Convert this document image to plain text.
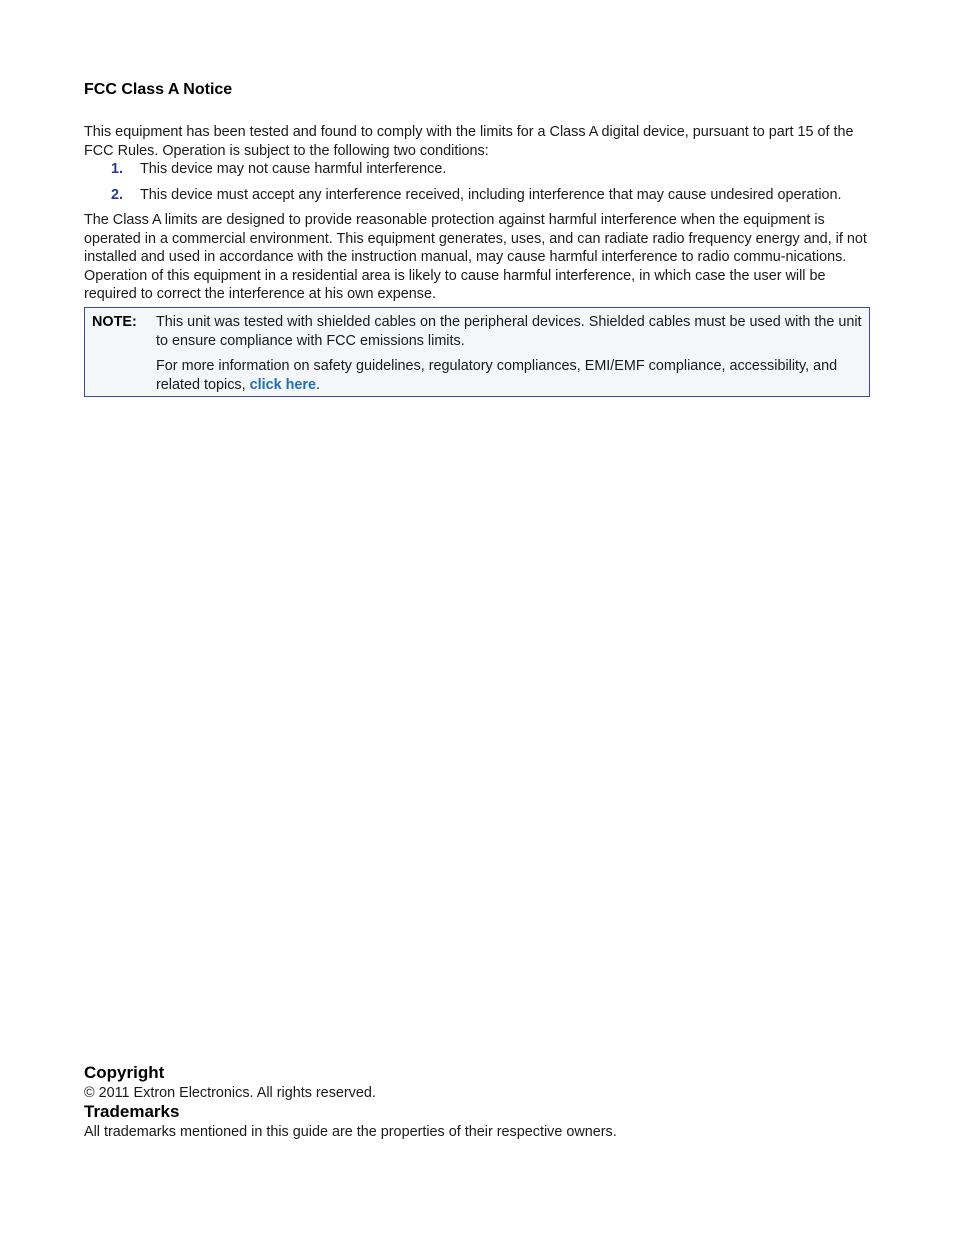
FCC Class A Notice

This equipment has been tested and found to comply with the limits for a Class A digital device, pursuant to part 15 of the FCC Rules. Operation is subject to the following two conditions:

1. This device may not cause harmful interference.
2. This device must accept any interference received, including interference that may cause undesired operation.

The Class A limits are designed to provide reasonable protection against harmful interference when the equipment is operated in a commercial environment. This equipment generates, uses, and can radiate radio frequency energy and, if not installed and used in accordance with the instruction manual, may cause harmful interference to radio commu-nications. Operation of this equipment in a residential area is likely to cause harmful interference, in which case the user will be required to correct the interference at his own expense.

NOTE: This unit was tested with shielded cables on the peripheral devices. Shielded cables must be used with the unit to ensure compliance with FCC emissions limits.

For more information on safety guidelines, regulatory compliances, EMI/EMF compliance, accessibility, and related topics, click here.

Copyright

© 2011 Extron Electronics. All rights reserved.

Trademarks

All trademarks mentioned in this guide are the properties of their respective owners.
